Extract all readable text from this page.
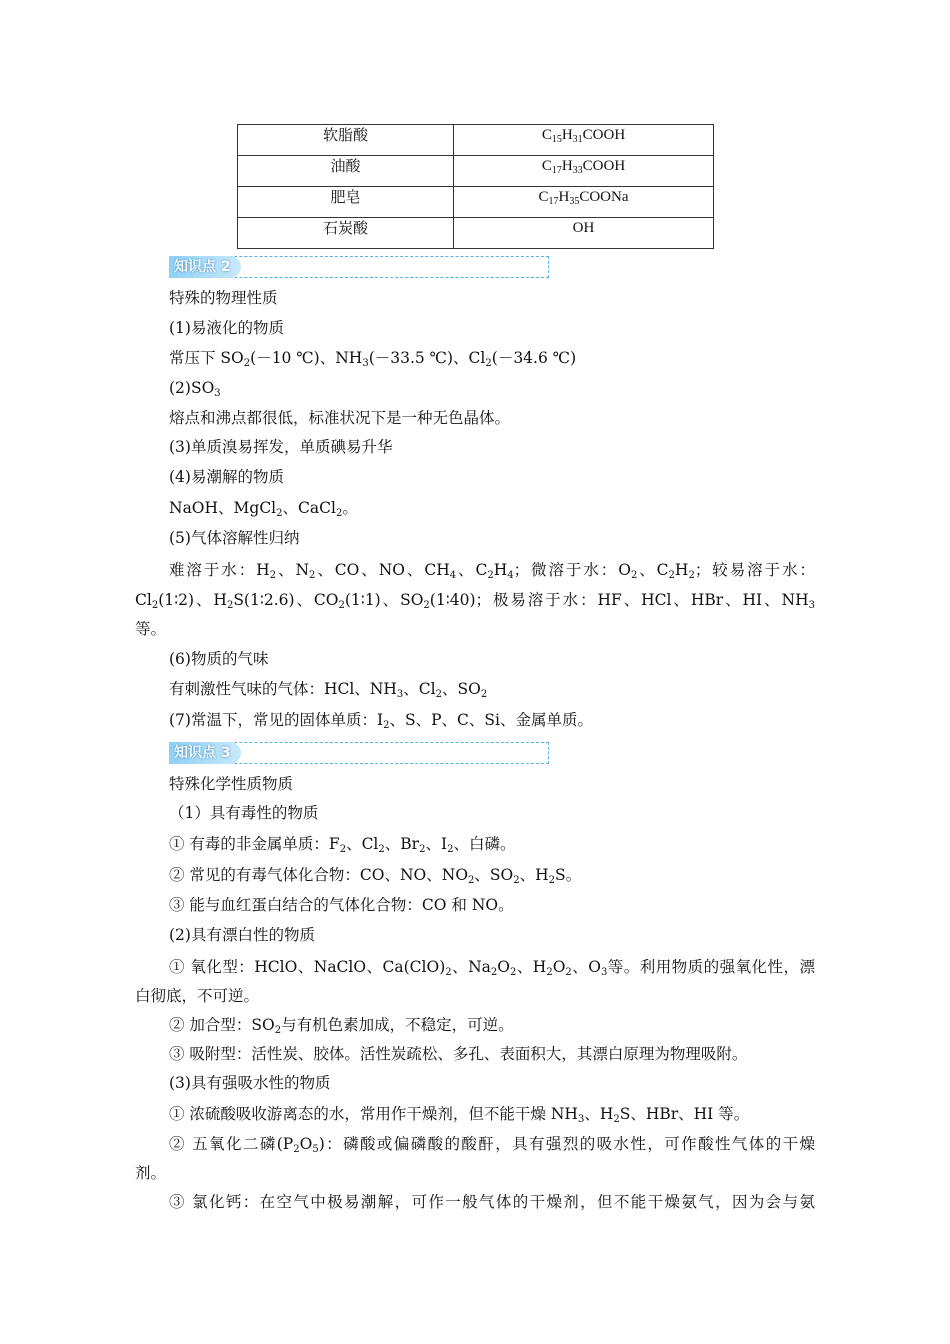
软脂酸	$C_{15}H_{31}COOH$
油酸	$C_{17}H_{33}COOH$
肥皂	$C_{17}H_{35}COONa$
石炭酸	OH
知识点 2
特殊的物理性质
(1)易液化的物质
常压下 $SO_2(-10$ ℃)、$NH_3(-33.5$ ℃)、$Cl_2(-34.6$ ℃)
$(2)SO_3$
熔点和沸点都很低，标准状况下是一种无色晶体。
(3)单质溴易挥发，单质碘易升华
(4)易潮解的物质
NaOH、MgCl$_2$、CaCl$_2$。
(5)气体溶解性归纳
难溶于水：$H_2$、$N_2$、CO、NO、$CH_4$、$C_2H_4$；微溶于水：$O_2$、$C_2H_2$；较易溶于水：
$Cl_2(1∶2)$、$H_2S(1∶2.6)$、$CO_2(1∶1)$、$SO_2(1∶40)$；极易溶于水：HF、HCl、HBr、HI、$NH_3$
等。
(6)物质的气味
有刺激性气味的气体：HCl、$NH_3$、$Cl_2$、$SO_2$
(7)常温下，常见的固体单质：$I_2$、S、P、C、Si、金属单质。
知识点 3
特殊化学性质物质
（1）具有毒性的物质
① 有毒的非金属单质：$F_2$、$Cl_2$、$Br_2$、$I_2$、白磷。
② 常见的有毒气体化合物：CO、NO、$NO_2$、$SO_2$、$H_2S$。
③ 能与血红蛋白结合的气体化合物：CO 和 NO。
(2)具有漂白性的物质
① 氧化型：HClO、NaClO、$Ca(ClO)_2$、$Na_2O_2$、$H_2O_2$、$O_3$等。利用物质的强氧化性，漂
白彻底，不可逆。
② 加合型：$SO_2$与有机色素加成，不稳定，可逆。
③ 吸附型：活性炭、胶体。活性炭疏松、多孔、表面积大，其漂白原理为物理吸附。
(3)具有强吸水性的物质
① 浓硫酸吸收游离态的水，常用作干燥剂，但不能干燥 $NH_3$、$H_2S$、HBr、HI 等。
② 五氧化二磷$(P_2O_5)$：磷酸或偏磷酸的酸酐，具有强烈的吸水性，可作酸性气体的干燥
剂。
③ 氯化钙：在空气中极易潮解，可作一般气体的干燥剂，但不能干燥氨气，因为会与氨
